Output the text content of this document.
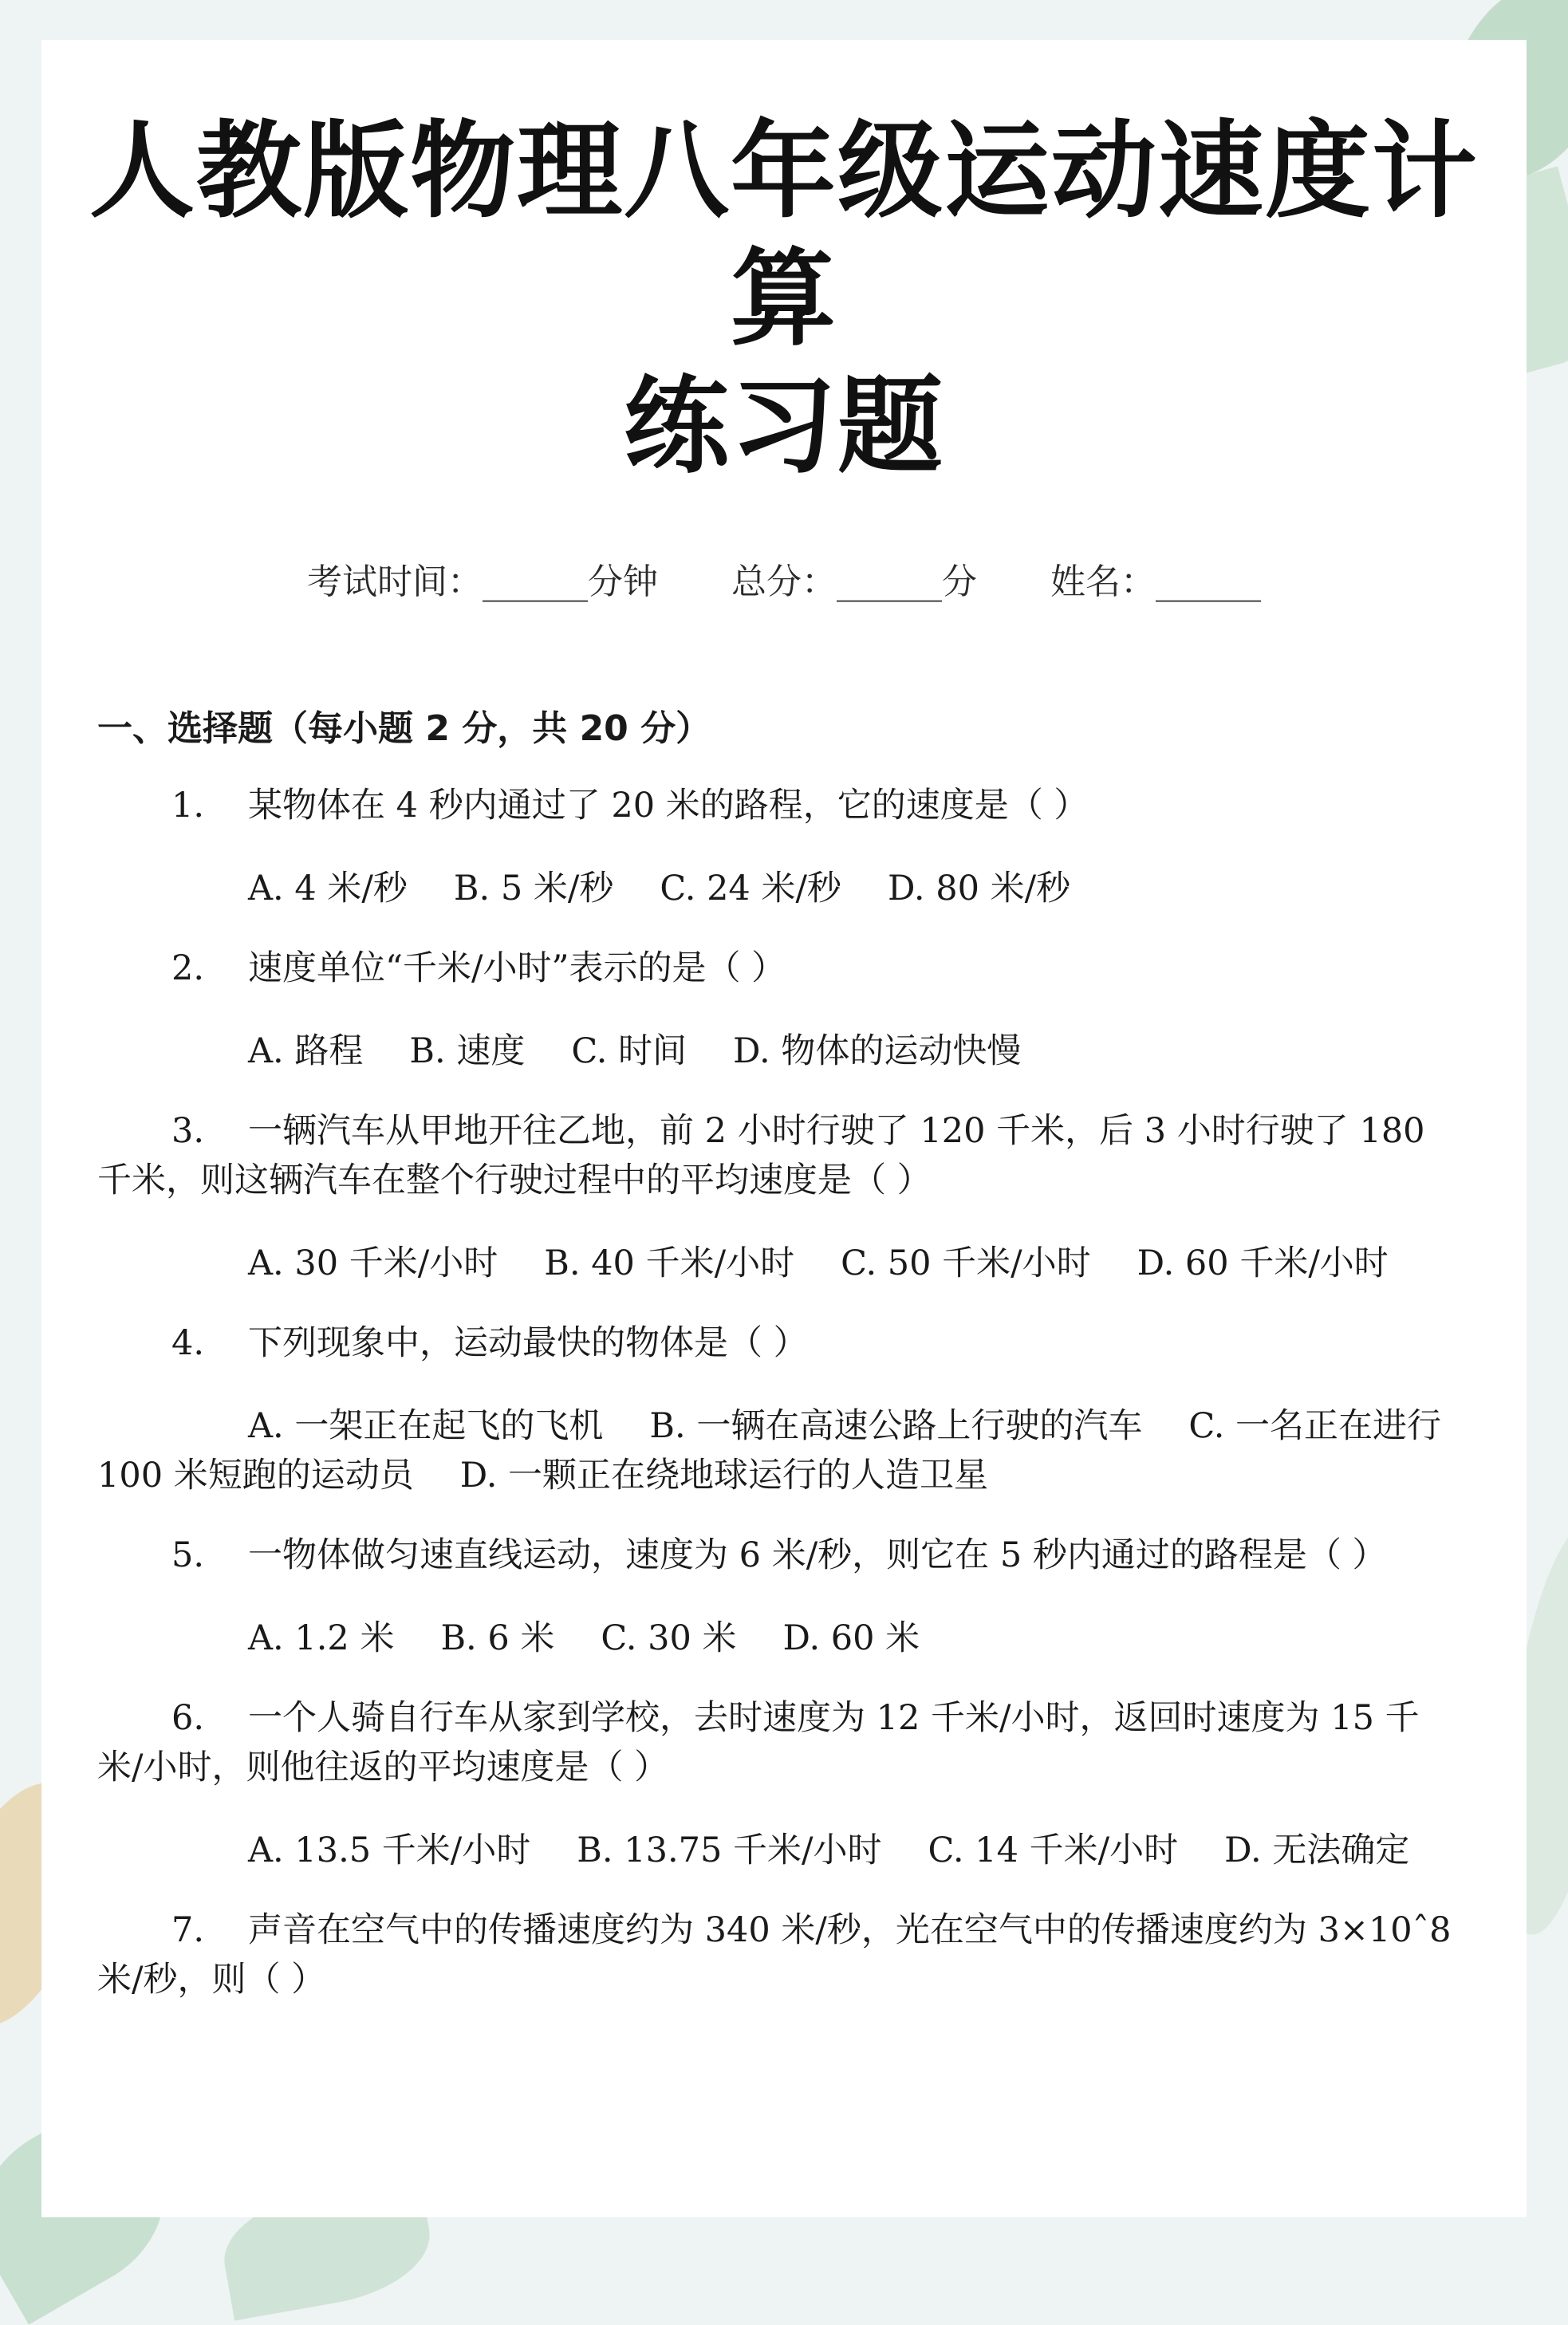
人教版物理八年级运动速度计算
练习题
考试时间：______分钟 总分：______分 姓名：______
一、选择题（每小题 2 分，共 20 分）
1. 某物体在 4 秒内通过了 20 米的路程，它的速度是（ ）
A. 4 米/秒 B. 5 米/秒 C. 24 米/秒 D. 80 米/秒
2. 速度单位“千米/小时”表示的是（ ）
A. 路程 B. 速度 C. 时间 D. 物体的运动快慢
3. 一辆汽车从甲地开往乙地，前 2 小时行驶了 120 千米，后 3 小时行驶了 180 千米，则这辆汽车在整个行驶过程中的平均速度是（ ）
A. 30 千米/小时 B. 40 千米/小时 C. 50 千米/小时 D. 60 千米/小时
4. 下列现象中，运动最快的物体是（ ）
A. 一架正在起飞的飞机 B. 一辆在高速公路上行驶的汽车 C. 一名正在进行 100 米短跑的运动员 D. 一颗正在绕地球运行的人造卫星
5. 一物体做匀速直线运动，速度为 6 米/秒，则它在 5 秒内通过的路程是（ ）
A. 1.2 米 B. 6 米 C. 30 米 D. 60 米
6. 一个人骑自行车从家到学校，去时速度为 12 千米/小时，返回时速度为 15 千米/小时，则他往返的平均速度是（ ）
A. 13.5 千米/小时 B. 13.75 千米/小时 C. 14 千米/小时 D. 无法确定
7. 声音在空气中的传播速度约为 340 米/秒，光在空气中的传播速度约为 3×10ˆ8 米/秒，则（ ）
